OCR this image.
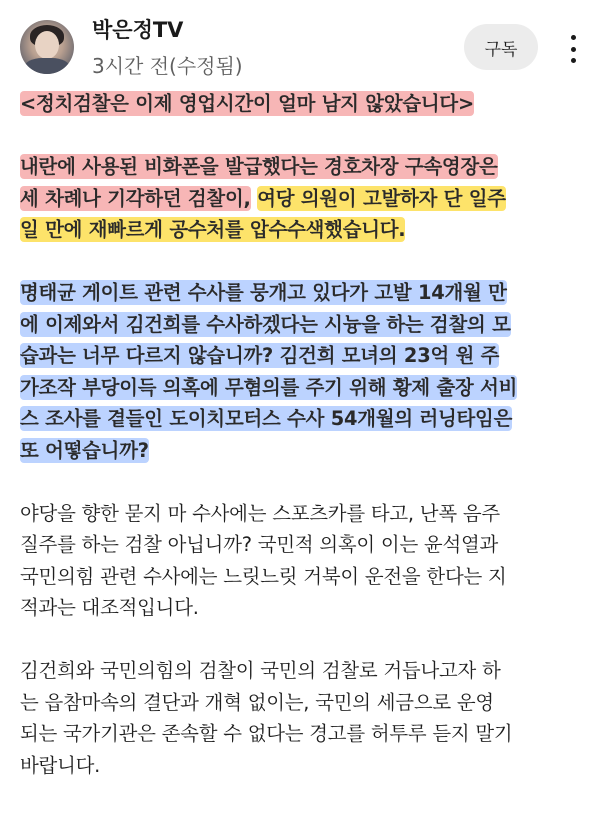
박은정TV
3시간 전(수정됨)
구독
<정치검찰은 이제 영업시간이 얼마 남지 않았습니다>
내란에 사용된 비화폰을 발급했다는 경호차장 구속영장은
세 차례나 기각하던 검찰이, 여당 의원이 고발하자 단 일주
일 만에 재빠르게 공수처를 압수수색했습니다.
명태균 게이트 관련 수사를 뭉개고 있다가 고발 14개월 만
에 이제와서 김건희를 수사하겠다는 시늉을 하는 검찰의 모
습과는 너무 다르지 않습니까? 김건희 모녀의 23억 원 주
가조작 부당이득 의혹에 무혐의를 주기 위해 황제 출장 서비
스 조사를 곁들인 도이치모터스 수사 54개월의 러닝타임은
또 어떻습니까?
야당을 향한 묻지 마 수사에는 스포츠카를 타고, 난폭 음주
질주를 하는 검찰 아닙니까? 국민적 의혹이 이는 윤석열과
국민의힘 관련 수사에는 느릿느릿 거북이 운전을 한다는 지
적과는 대조적입니다.
김건희와 국민의힘의 검찰이 국민의 검찰로 거듭나고자 하
는 읍참마속의 결단과 개혁 없이는, 국민의 세금으로 운영
되는 국가기관은 존속할 수 없다는 경고를 허투루 듣지 말기
바랍니다.
